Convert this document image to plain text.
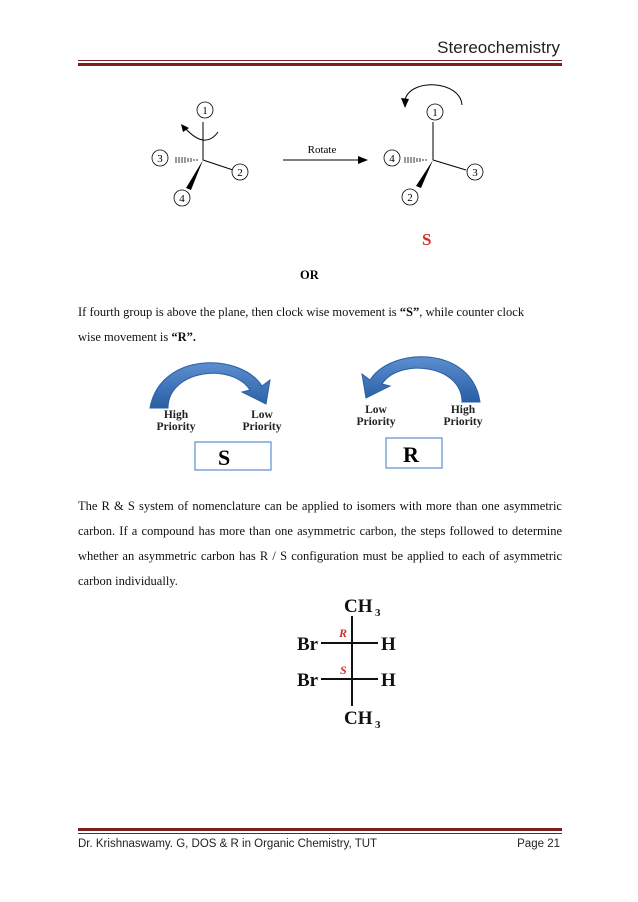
Stereochemistry
1
2
3
4
Rotate
1
2
3
4
S
OR
If fourth group is above the plane, then clock wise movement is “S”, while counter clock
wise movement is “R”.
High
Priority
Low
Priority
S
Low
Priority
High
Priority
R
The R & S system of nomenclature can be applied to isomers with more than one asymmetric
carbon. If a compound has more than one asymmetric carbon, the steps followed to determine
whether an asymmetric carbon has R / S configuration must be applied to each of asymmetric
carbon individually.
CH 3
Br	H
Br	H
CH 3
R
S
Dr. Krishnaswamy. G, DOS & R in Organic Chemistry, TUT	Page 21
